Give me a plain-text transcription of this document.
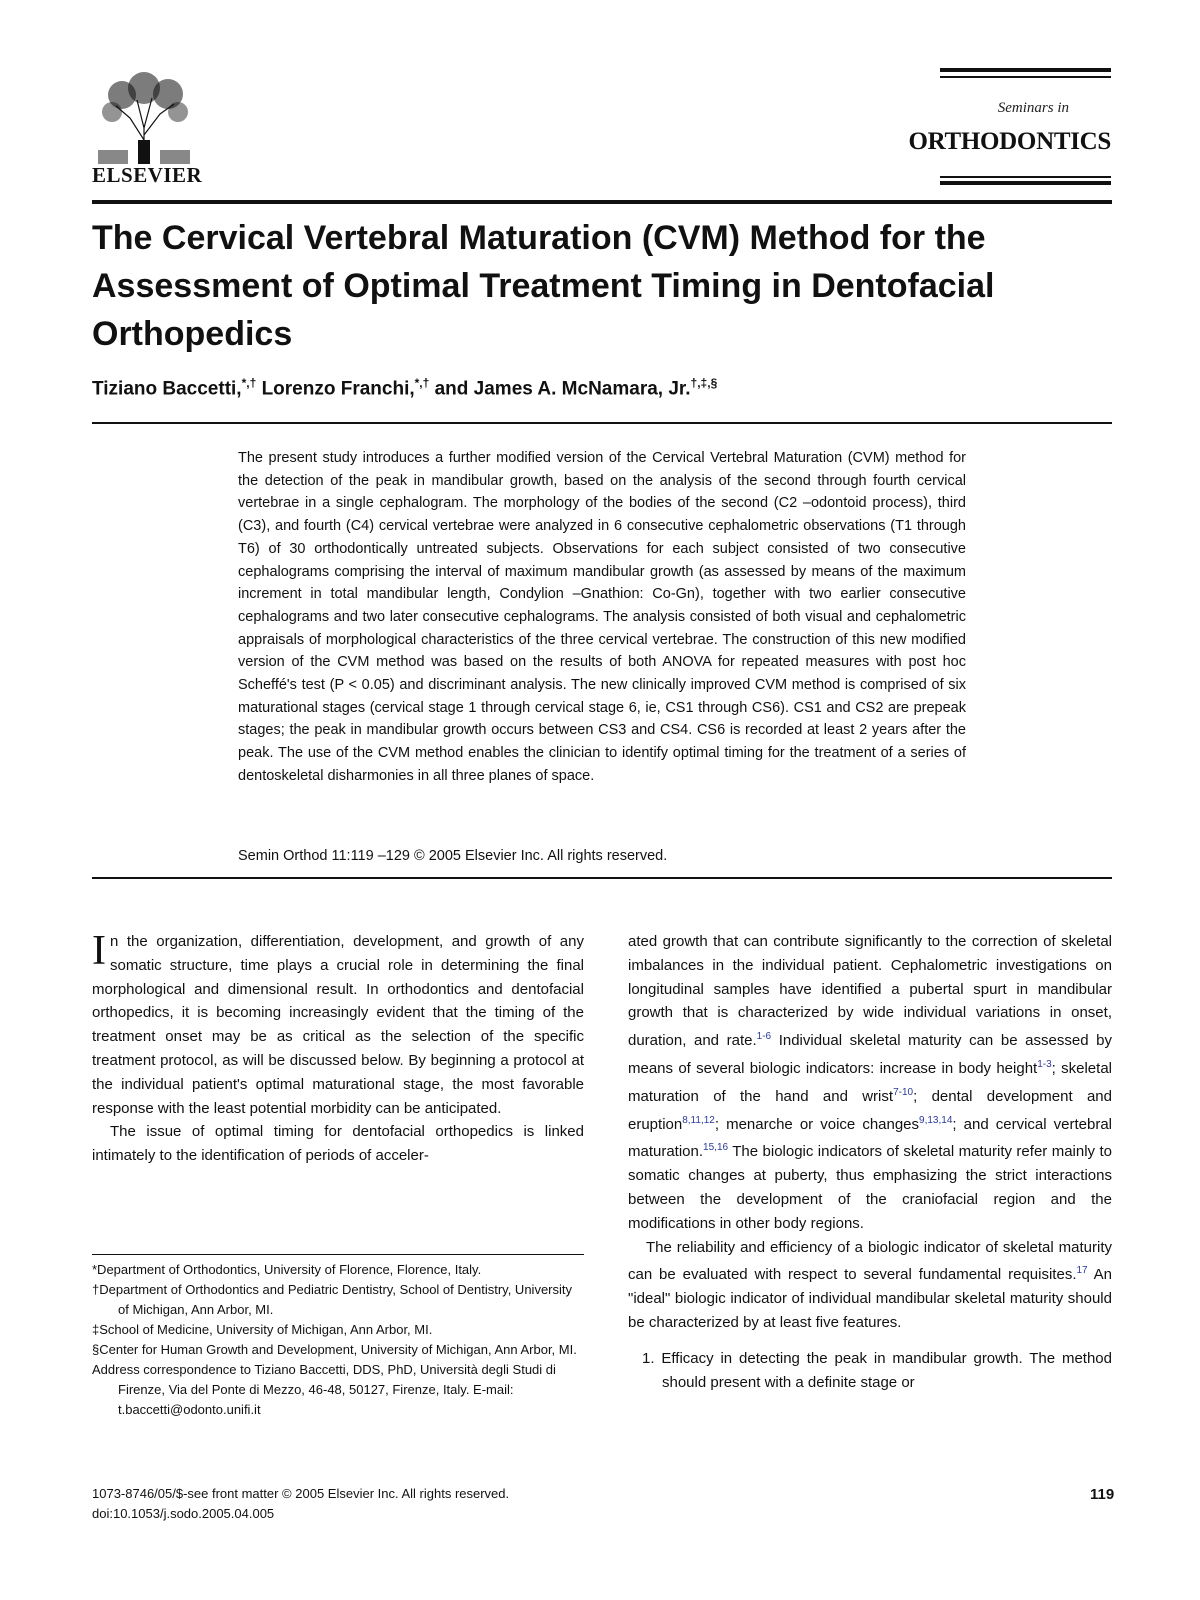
ELSEVIER
Seminars in
ORTHODONTICS
The Cervical Vertebral Maturation (CVM) Method for the Assessment of Optimal Treatment Timing in Dentofacial Orthopedics
Tiziano Baccetti,*,† Lorenzo Franchi,*,† and James A. McNamara, Jr.†,‡,§
The present study introduces a further modified version of the Cervical Vertebral Maturation (CVM) method for the detection of the peak in mandibular growth, based on the analysis of the second through fourth cervical vertebrae in a single cephalogram. The morphology of the bodies of the second (C2 –odontoid process), third (C3), and fourth (C4) cervical vertebrae were analyzed in 6 consecutive cephalometric observations (T1 through T6) of 30 orthodontically untreated subjects. Observations for each subject consisted of two consecutive cephalograms comprising the interval of maximum mandibular growth (as assessed by means of the maximum increment in total mandibular length, Condylion –Gnathion: Co-Gn), together with two earlier consecutive cephalograms and two later consecutive cephalograms. The analysis consisted of both visual and cephalometric appraisals of morphological characteristics of the three cervical vertebrae. The construction of this new modified version of the CVM method was based on the results of both ANOVA for repeated measures with post hoc Scheffé's test (P < 0.05) and discriminant analysis. The new clinically improved CVM method is comprised of six maturational stages (cervical stage 1 through cervical stage 6, ie, CS1 through CS6). CS1 and CS2 are prepeak stages; the peak in mandibular growth occurs between CS3 and CS4. CS6 is recorded at least 2 years after the peak. The use of the CVM method enables the clinician to identify optimal timing for the treatment of a series of dentoskeletal disharmonies in all three planes of space.
Semin Orthod 11:119 –129 © 2005 Elsevier Inc. All rights reserved.

In the organization, differentiation, development, and growth of any somatic structure, time plays a crucial role in determining the final morphological and dimensional result. In orthodontics and dentofacial orthopedics, it is becoming increasingly evident that the timing of the treatment onset may be as critical as the selection of the specific treatment protocol, as will be discussed below. By beginning a protocol at the individual patient's optimal maturational stage, the most favorable response with the least potential morbidity can be anticipated.

The issue of optimal timing for dentofacial orthopedics is linked intimately to the identification of periods of acceler-

ated growth that can contribute significantly to the correction of skeletal imbalances in the individual patient. Cephalometric investigations on longitudinal samples have identified a pubertal spurt in mandibular growth that is characterized by wide individual variations in onset, duration, and rate.$^{1-6}$ Individual skeletal maturity can be assessed by means of several biologic indicators: increase in body height$^{1-3}$; skeletal maturation of the hand and wrist$^{7-10}$; dental development and eruption$^{8,11,12}$; menarche or voice changes$^{9,13,14}$; and cervical vertebral maturation.$^{15,16}$ The biologic indicators of skeletal maturity refer mainly to somatic changes at puberty, thus emphasizing the strict interactions between the development of the craniofacial region and the modifications in other body regions.

The reliability and efficiency of a biologic indicator of skeletal maturity can be evaluated with respect to several fundamental requisites.$^{17}$ An "ideal" biologic indicator of individual mandibular skeletal maturity should be characterized by at least five features.

1. Efficacy in detecting the peak in mandibular growth. The method should present with a definite stage or

*Department of Orthodontics, University of Florence, Florence, Italy.

†Department of Orthodontics and Pediatric Dentistry, School of Dentistry, University of Michigan, Ann Arbor, MI.

‡School of Medicine, University of Michigan, Ann Arbor, MI.

§Center for Human Growth and Development, University of Michigan, Ann Arbor, MI.

Address correspondence to Tiziano Baccetti, DDS, PhD, Università degli Studi di Firenze, Via del Ponte di Mezzo, 46-48, 50127, Firenze, Italy. E-mail: t.baccetti@odonto.unifi.it

1073-8746/05/$-see front matter © 2005 Elsevier Inc. All rights reserved.
doi:10.1053/j.sodo.2005.04.005
119
